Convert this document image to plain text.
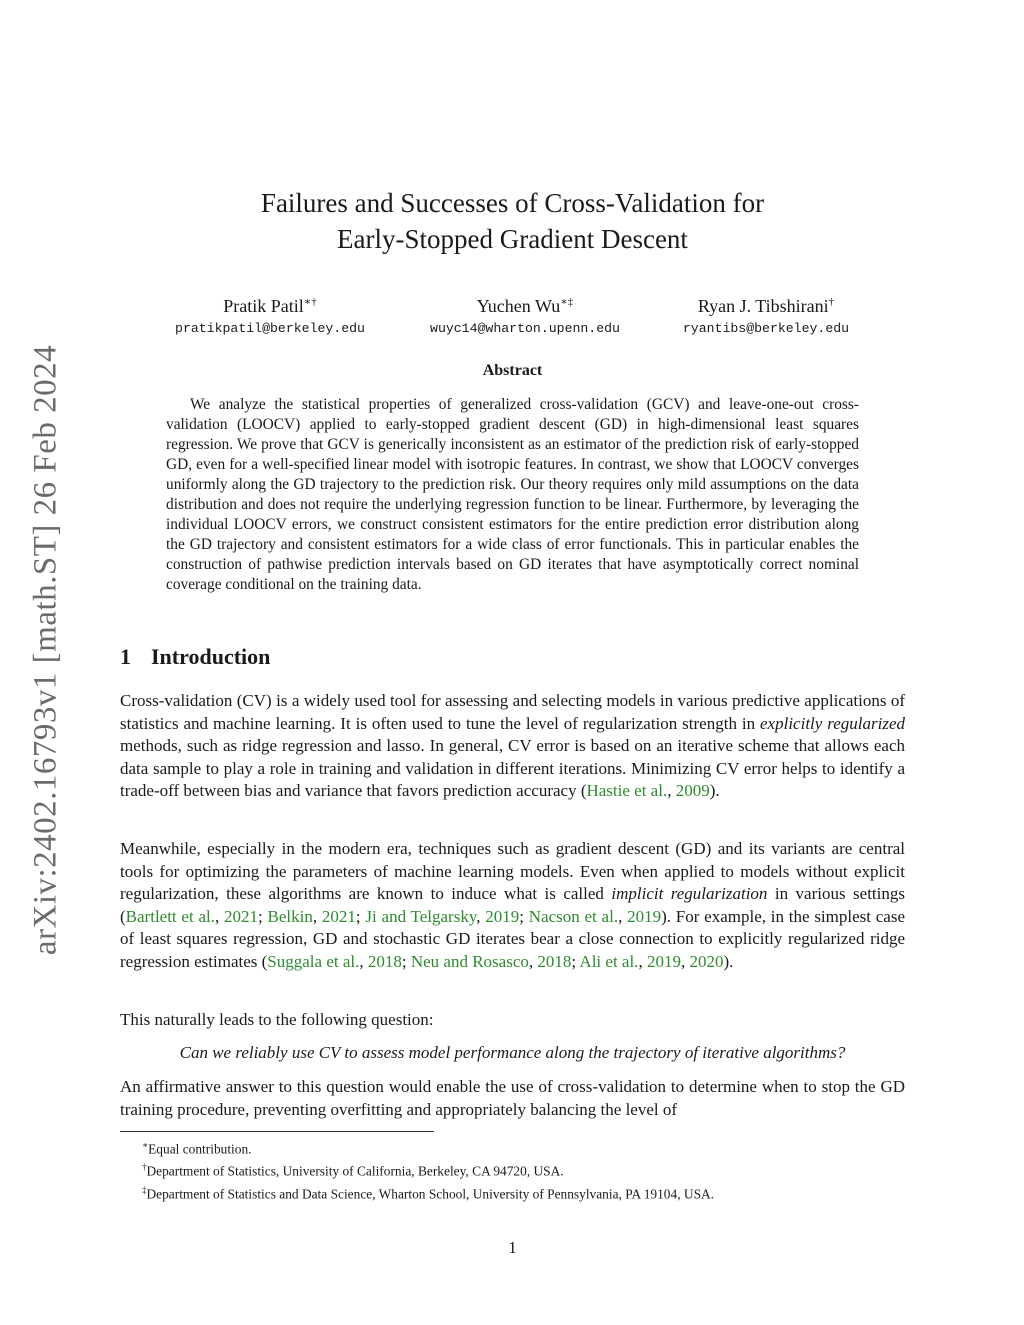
arXiv:2402.16793v1 [math.ST] 26 Feb 2024
Failures and Successes of Cross-Validation for
Early-Stopped Gradient Descent
Pratik Patil∗†
pratikpatil@berkeley.edu
Yuchen Wu∗‡
wuyc14@wharton.upenn.edu
Ryan J. Tibshirani†
ryantibs@berkeley.edu
Abstract

We analyze the statistical properties of generalized cross-validation (GCV) and leave-one-out cross-validation (LOOCV) applied to early-stopped gradient descent (GD) in high-dimensional least squares regression. We prove that GCV is generically inconsistent as an estimator of the prediction risk of early-stopped GD, even for a well-specified linear model with isotropic features. In contrast, we show that LOOCV converges uniformly along the GD trajectory to the prediction risk. Our theory requires only mild assumptions on the data distribution and does not require the underlying regression function to be linear. Furthermore, by leveraging the individual LOOCV errors, we construct consistent estimators for the entire prediction error distribution along the GD trajectory and consistent estimators for a wide class of error functionals. This in particular enables the construction of pathwise prediction intervals based on GD iterates that have asymptotically correct nominal coverage conditional on the training data.

1 Introduction

Cross-validation (CV) is a widely used tool for assessing and selecting models in various predictive applications of statistics and machine learning. It is often used to tune the level of regularization strength in explicitly regularized methods, such as ridge regression and lasso. In general, CV error is based on an iterative scheme that allows each data sample to play a role in training and validation in different iterations. Minimizing CV error helps to identify a trade-off between bias and variance that favors prediction accuracy (Hastie et al., 2009).

Meanwhile, especially in the modern era, techniques such as gradient descent (GD) and its variants are central tools for optimizing the parameters of machine learning models. Even when applied to models without explicit regularization, these algorithms are known to induce what is called implicit regularization in various settings (Bartlett et al., 2021; Belkin, 2021; Ji and Telgarsky, 2019; Nacson et al., 2019). For example, in the simplest case of least squares regression, GD and stochastic GD iterates bear a close connection to explicitly regularized ridge regression estimates (Suggala et al., 2018; Neu and Rosasco, 2018; Ali et al., 2019, 2020).

This naturally leads to the following question:

Can we reliably use CV to assess model performance along the trajectory of iterative algorithms?

An affirmative answer to this question would enable the use of cross-validation to determine when to stop the GD training procedure, preventing overfitting and appropriately balancing the level of

∗Equal contribution.
†Department of Statistics, University of California, Berkeley, CA 94720, USA.
‡Department of Statistics and Data Science, Wharton School, University of Pennsylvania, PA 19104, USA.
1
